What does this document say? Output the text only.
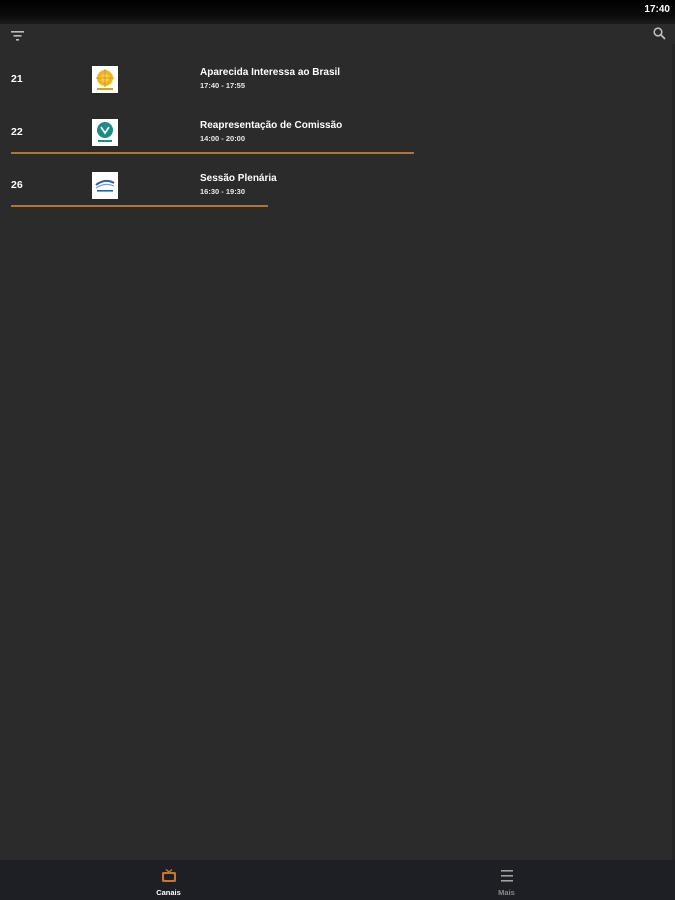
17:40
21
Aparecida Interessa ao Brasil
17:40 - 17:55
22
Reapresentação de Comissão
14:00 - 20:00
26
Sessão Plenária
16:30 - 19:30
Canais	Mais
